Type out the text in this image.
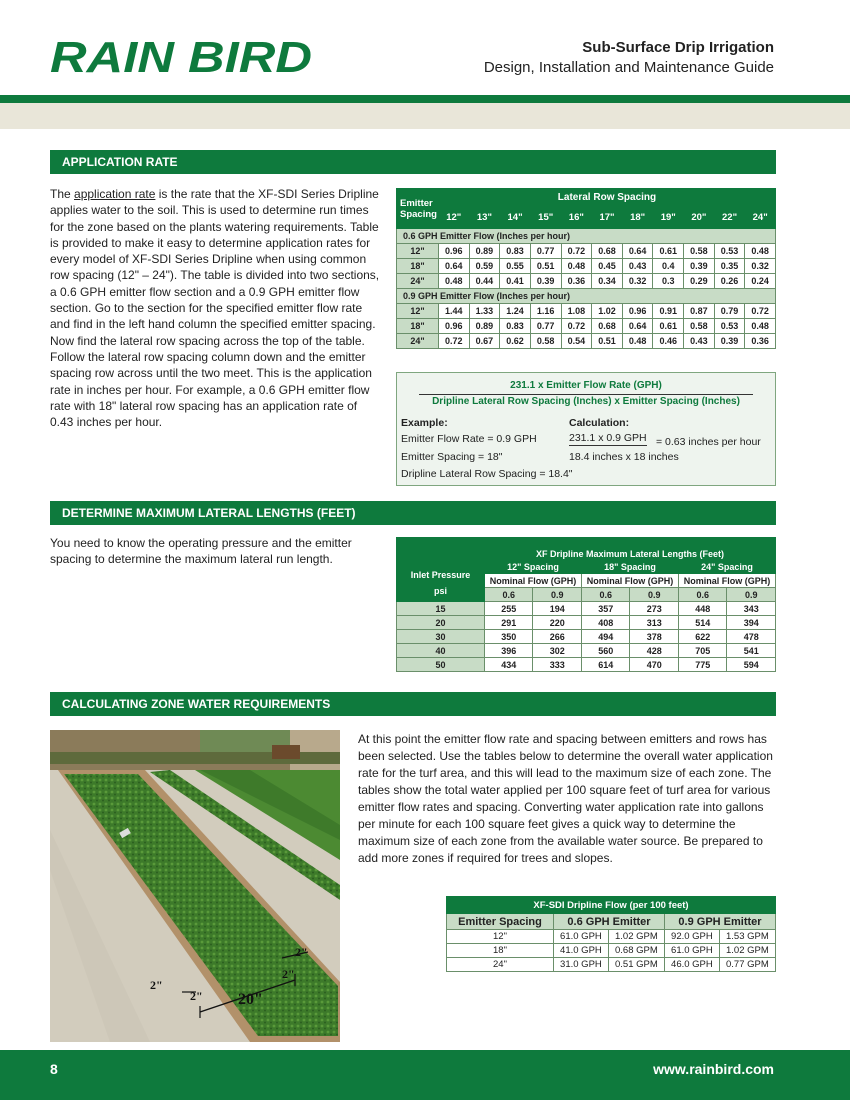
RAIN BIRD	Sub-Surface Drip Irrigation
Design, Installation and Maintenance Guide
APPLICATION RATE
The application rate is the rate that the XF-SDI Series Dripline applies water to the soil. This is used to determine run times for the zone based on the plants watering requirements. Table is provided to make it easy to determine application rates for every model of XF-SDI Series Dripline when using common row spacing (12" – 24"). The table is divided into two sections, a 0.6 GPH emitter flow section and a 0.9 GPH emitter flow section. Go to the section for the specified emitter flow rate and find in the left hand column the specified emitter spacing. Now find the lateral row spacing across the top of the table. Follow the lateral row spacing column down and the emitter spacing row across until the two meet. This is the application rate in inches per hour. For example, a 0.6 GPH emitter flow rate with 18" lateral row spacing has an application rate of 0.43 inches per hour.
Emitter Spacing	Lateral Row Spacing										
	12"	13"	14"	15"	16"	17"	18"	19"	20"	22"	24"
0.6 GPH Emitter Flow (Inches per hour)											
12"	0.96	0.89	0.83	0.77	0.72	0.68	0.64	0.61	0.58	0.53	0.48
18"	0.64	0.59	0.55	0.51	0.48	0.45	0.43	0.4	0.39	0.35	0.32
24"	0.48	0.44	0.41	0.39	0.36	0.34	0.32	0.3	0.29	0.26	0.24
0.9 GPH Emitter Flow (Inches per hour)											
12"	1.44	1.33	1.24	1.16	1.08	1.02	0.96	0.91	0.87	0.79	0.72
18"	0.96	0.89	0.83	0.77	0.72	0.68	0.64	0.61	0.58	0.53	0.48
24"	0.72	0.67	0.62	0.58	0.54	0.51	0.48	0.46	0.43	0.39	0.36
231.1 x Emitter Flow Rate (GPH)
Dripline Lateral Row Spacing (Inches) x Emitter Spacing (Inches)
Example:	Calculation:
Emitter Flow Rate = 0.9 GPH
Emitter Spacing = 18"
Dripline Lateral Row Spacing = 18.4"
231.1 x 0.9 GPH
18.4 inches x 18 inches
= 0.63 inches per hour
DETERMINE MAXIMUM LATERAL LENGTHS (FEET)
You need to know the operating pressure and the emitter spacing to determine the maximum lateral run length.
Inlet Pressure
psi	XF Dripline Maximum Lateral Lengths (Feet)					
	12" Spacing		18" Spacing		24" Spacing	
	Nominal Flow (GPH)		Nominal Flow (GPH)		Nominal Flow (GPH)	
	0.6	0.9	0.6	0.9	0.6	0.9
15	255	194	357	273	448	343
20	291	220	408	313	514	394
30	350	266	494	378	622	478
40	396	302	560	428	705	541
50	434	333	614	470	775	594
CALCULATING ZONE WATER REQUIREMENTS
20"
2"
2"
2"
2"
At this point the emitter flow rate and spacing between emitters and rows has been selected. Use the tables below to determine the overall water application rate for the turf area, and this will lead to the maximum size of each zone. The tables show the total water applied per 100 square feet of turf area for various emitter flow rates and spacing. Converting water application rate into gallons per minute for each 100 square feet gives a quick way to determine the maximum size of each zone from the available water source. Be prepared to add more zones if required for trees and slopes.
XF-SDI Dripline Flow (per 100 feet)				
Emitter Spacing	0.6 GPH Emitter		0.9 GPH Emitter	
12"	61.0 GPH	1.02 GPM	92.0 GPH	1.53 GPM
18"	41.0 GPH	0.68 GPM	61.0 GPH	1.02 GPM
24"	31.0 GPH	0.51 GPM	46.0 GPH	0.77 GPM
8	www.rainbird.com
